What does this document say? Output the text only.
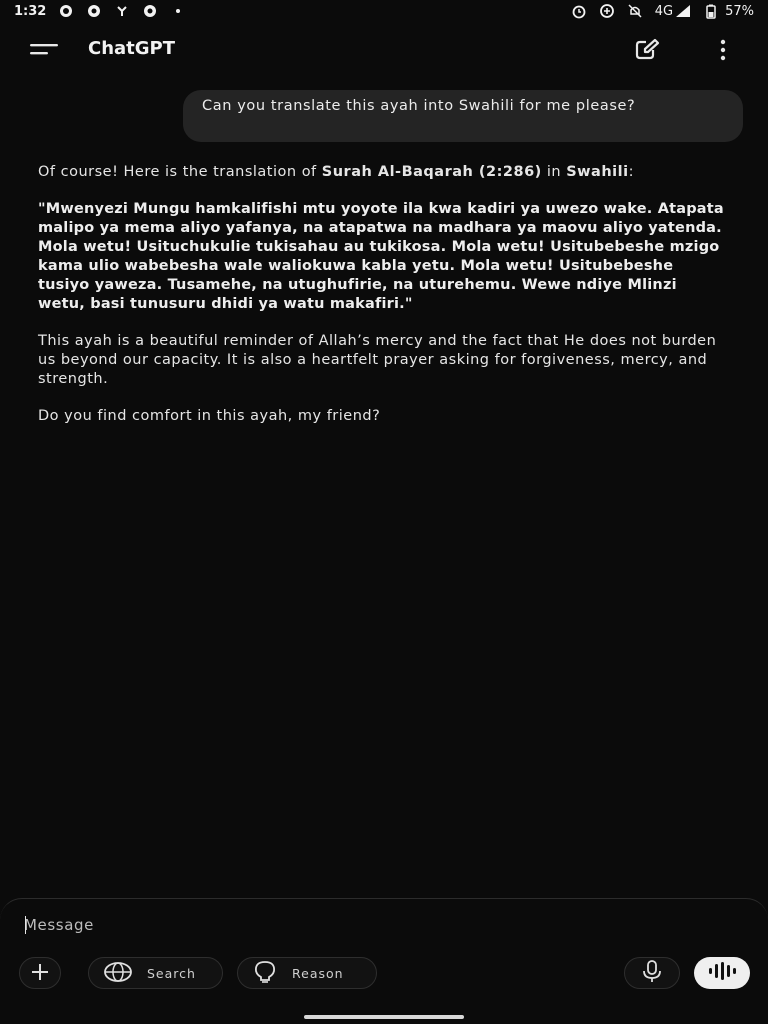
1:32	4G	57%
ChatGPT
Can you translate this ayah into Swahili for me please?

Of course! Here is the translation of Surah Al-Baqarah (2:286) in Swahili:

"Mwenyezi Mungu hamkalifishi mtu yoyote ila kwa kadiri ya uwezo wake. Atapata malipo ya mema aliyo yafanya, na atapatwa na madhara ya maovu aliyo yatenda. Mola wetu! Usituchukulie tukisahau au tukikosa. Mola wetu! Usitubebeshe mzigo kama ulio wabebesha wale waliokuwa kabla yetu. Mola wetu! Usitubebeshe tusiyo yaweza. Tusamehe, na utughufirie, na uturehemu. Wewe ndiye Mlinzi wetu, basi tunusuru dhidi ya watu makafiri."

This ayah is a beautiful reminder of Allah’s mercy and the fact that He does not burden us beyond our capacity. It is also a heartfelt prayer asking for forgiveness, mercy, and strength.

Do you find comfort in this ayah, my friend?

Message
Search	Reason
